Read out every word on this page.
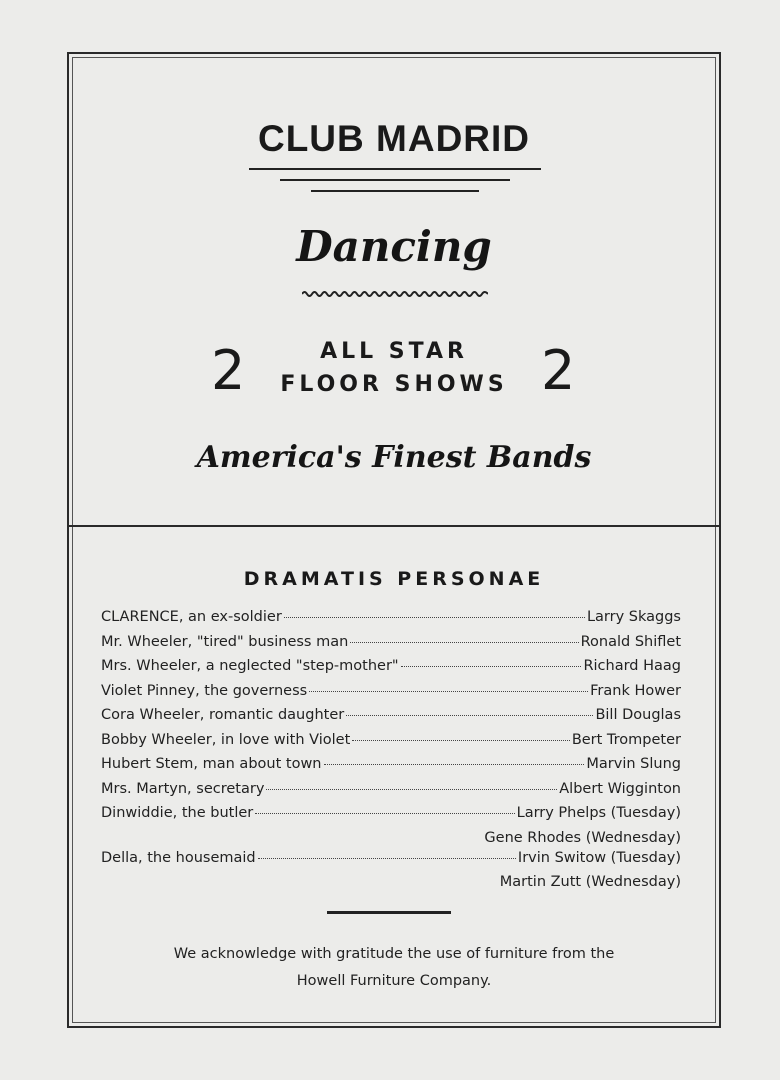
CLUB MADRID
Dancing
2	ALL STAR
FLOOR SHOWS 2
America's Finest Bands
DRAMATIS PERSONAE
CLARENCE, an ex-soldier	Larry Skaggs
Mr. Wheeler, "tired" business man	Ronald Shiflet
Mrs. Wheeler, a neglected "step-mother"	Richard Haag
Violet Pinney, the governess	Frank Hower
Cora Wheeler, romantic daughter	Bill Douglas
Bobby Wheeler, in love with Violet	Bert Trompeter
Hubert Stem, man about town	Marvin Slung
Mrs. Martyn, secretary	Albert Wigginton
Dinwiddie, the butler	Larry Phelps (Tuesday)
Gene Rhodes (Wednesday)
Della, the housemaid	Irvin Switow (Tuesday)
Martin Zutt (Wednesday)
We acknowledge with gratitude the use of furniture from the
Howell Furniture Company.
